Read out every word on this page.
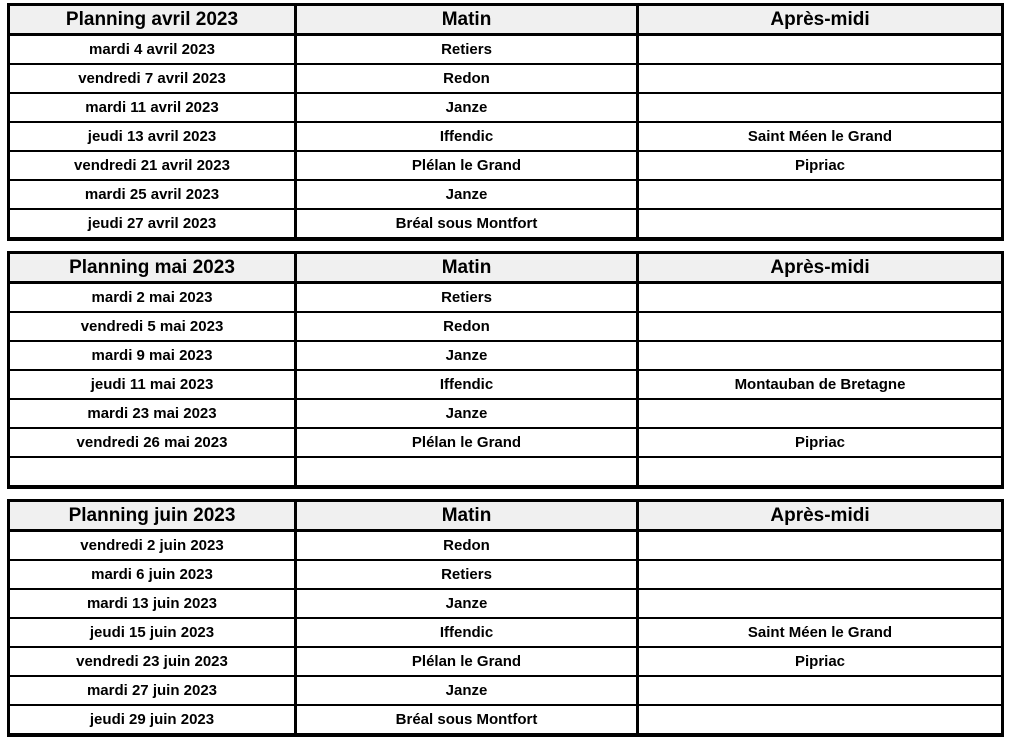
Planning avril 2023	Matin	Après-midi
mardi 4 avril 2023	Retiers	
vendredi 7 avril 2023	Redon	
mardi 11 avril 2023	Janze	
jeudi 13 avril 2023	Iffendic	Saint Méen le Grand
vendredi 21 avril 2023	Plélan le Grand	Pipriac
mardi 25 avril 2023	Janze	
jeudi 27 avril 2023	Bréal sous Montfort	
Planning mai 2023	Matin	Après-midi
mardi 2 mai 2023	Retiers	
vendredi 5 mai 2023	Redon	
mardi 9 mai 2023	Janze	
jeudi 11 mai 2023	Iffendic	Montauban de Bretagne
mardi 23 mai 2023	Janze	
vendredi 26 mai 2023	Plélan le Grand	Pipriac

Planning juin 2023	Matin	Après-midi
vendredi 2 juin 2023	Redon	
mardi 6 juin 2023	Retiers	
mardi 13 juin 2023	Janze	
jeudi 15 juin 2023	Iffendic	Saint Méen le Grand
vendredi 23 juin 2023	Plélan le Grand	Pipriac
mardi 27 juin 2023	Janze	
jeudi 29 juin 2023	Bréal sous Montfort	
